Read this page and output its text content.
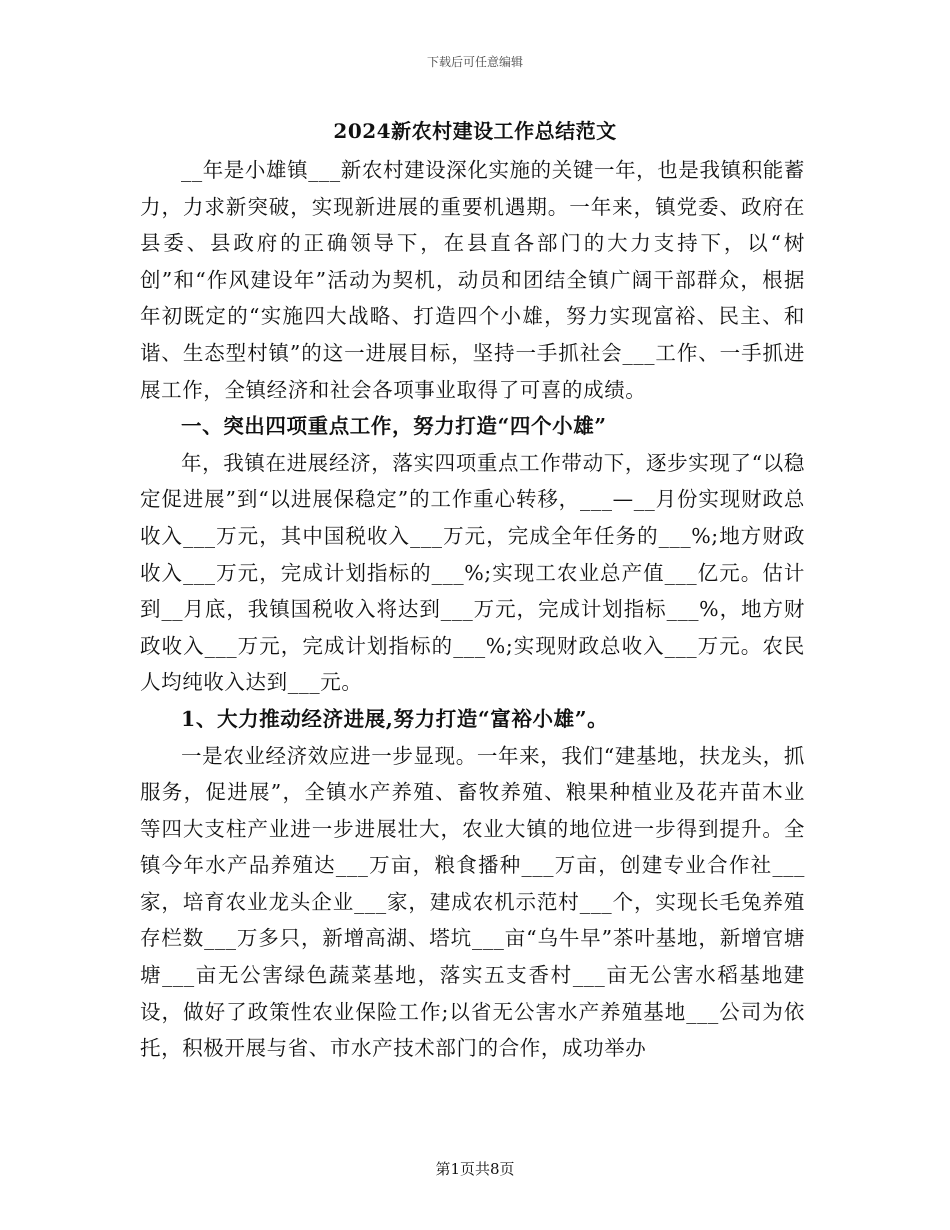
下载后可任意编辑
2024新农村建设工作总结范文

__年是小雄镇___新农村建设深化实施的关键一年，也是我镇积能蓄力，力求新突破，实现新进展的重要机遇期。一年来，镇党委、政府在县委、县政府的正确领导下，在县直各部门的大力支持下，以“树创”和“作风建设年”活动为契机，动员和团结全镇广阔干部群众，根据年初既定的“实施四大战略、打造四个小雄，努力实现富裕、民主、和谐、生态型村镇”的这一进展目标，坚持一手抓社会___工作、一手抓进展工作，全镇经济和社会各项事业取得了可喜的成绩。

一、突出四项重点工作，努力打造“四个小雄”

年，我镇在进展经济，落实四项重点工作带动下，逐步实现了“以稳定促进展”到“以进展保稳定”的工作重心转移，___—__月份实现财政总收入___万元，其中国税收入___万元，完成全年任务的___%;地方财政收入___万元，完成计划指标的___%;实现工农业总产值___亿元。估计到__月底，我镇国税收入将达到___万元，完成计划指标___%，地方财政收入___万元，完成计划指标的___%;实现财政总收入___万元。农民人均纯收入达到___元。

1、大力推动经济进展,努力打造“富裕小雄”。

一是农业经济效应进一步显现。一年来，我们“建基地，扶龙头，抓服务，促进展”，全镇水产养殖、畜牧养殖、粮果种植业及花卉苗木业等四大支柱产业进一步进展壮大，农业大镇的地位进一步得到提升。全镇今年水产品养殖达___万亩，粮食播种___万亩，创建专业合作社___家，培育农业龙头企业___家，建成农机示范村___个，实现长毛兔养殖存栏数___万多只，新增高湖、塔坑___亩“乌牛早”茶叶基地，新增官塘塘___亩无公害绿色蔬菜基地，落实五支香村___亩无公害水稻基地建设，做好了政策性农业保险工作;以省无公害水产养殖基地___公司为依托，积极开展与省、市水产技术部门的合作，成功举办

第1页共8页
